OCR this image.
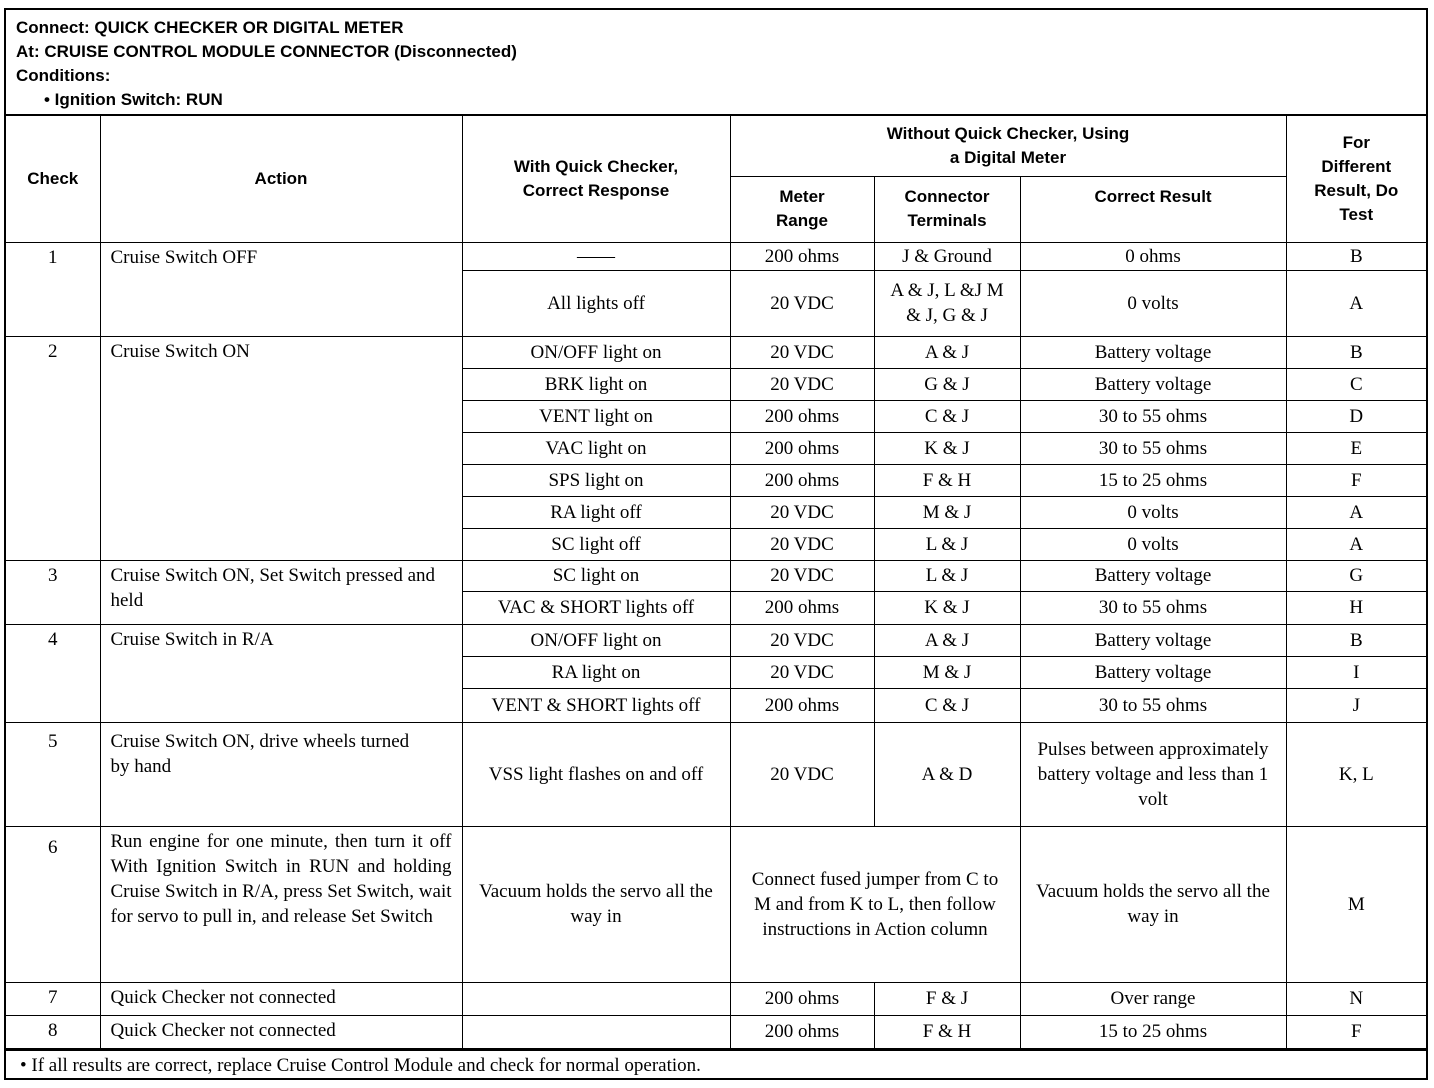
Connect: QUICK CHECKER OR DIGITAL METER
At: CRUISE CONTROL MODULE CONNECTOR (Disconnected)
Conditions:
• Ignition Switch: RUN
Check	Action	With Quick Checker, Correct Response	Without Quick Checker, Using a Digital Meter			For Different Result, Do Test

			Meter Range	Connector Terminals	Correct Result	
1	Cruise Switch OFF	——	200 ohms	J & Ground	0 ohms	B
		All lights off	20 VDC	A & J, L &J M & J, G & J	0 volts	A
2	Cruise Switch ON	ON/OFF light on	20 VDC	A & J	Battery voltage	B
		BRK light on	20 VDC	G & J	Battery voltage	C
		VENT light on	200 ohms	C & J	30 to 55 ohms	D
		VAC light on	200 ohms	K & J	30 to 55 ohms	E
		SPS light on	200 ohms	F & H	15 to 25 ohms	F
		RA light off	20 VDC	M & J	0 volts	A
		SC light off	20 VDC	L & J	0 volts	A
3	Cruise Switch ON, Set Switch pressed and held	SC light on	20 VDC	L & J	Battery voltage	G
		VAC & SHORT lights off	200 ohms	K & J	30 to 55 ohms	H
4	Cruise Switch in R/A	ON/OFF light on	20 VDC	A & J	Battery voltage	B
		RA light on	20 VDC	M & J	Battery voltage	I
		VENT & SHORT lights off	200 ohms	C & J	30 to 55 ohms	J
5	Cruise Switch ON, drive wheels turned by hand	VSS light flashes on and off	20 VDC	A & D	Pulses between approximately battery voltage and less than 1 volt	K, L
6	Run engine for one minute, then turn it off With Ignition Switch in RUN and holding Cruise Switch in R/A, press Set Switch, wait for servo to pull in, and release Set Switch	Vacuum holds the servo all the way in	Connect fused jumper from C to M and from K to L, then follow instructions in Action column		Vacuum holds the servo all the way in	M
7	Quick Checker not connected		200 ohms	F & J	Over range	N
8	Quick Checker not connected		200 ohms	F & H	15 to 25 ohms	F
• If all results are correct, replace Cruise Control Module and check for normal operation.
